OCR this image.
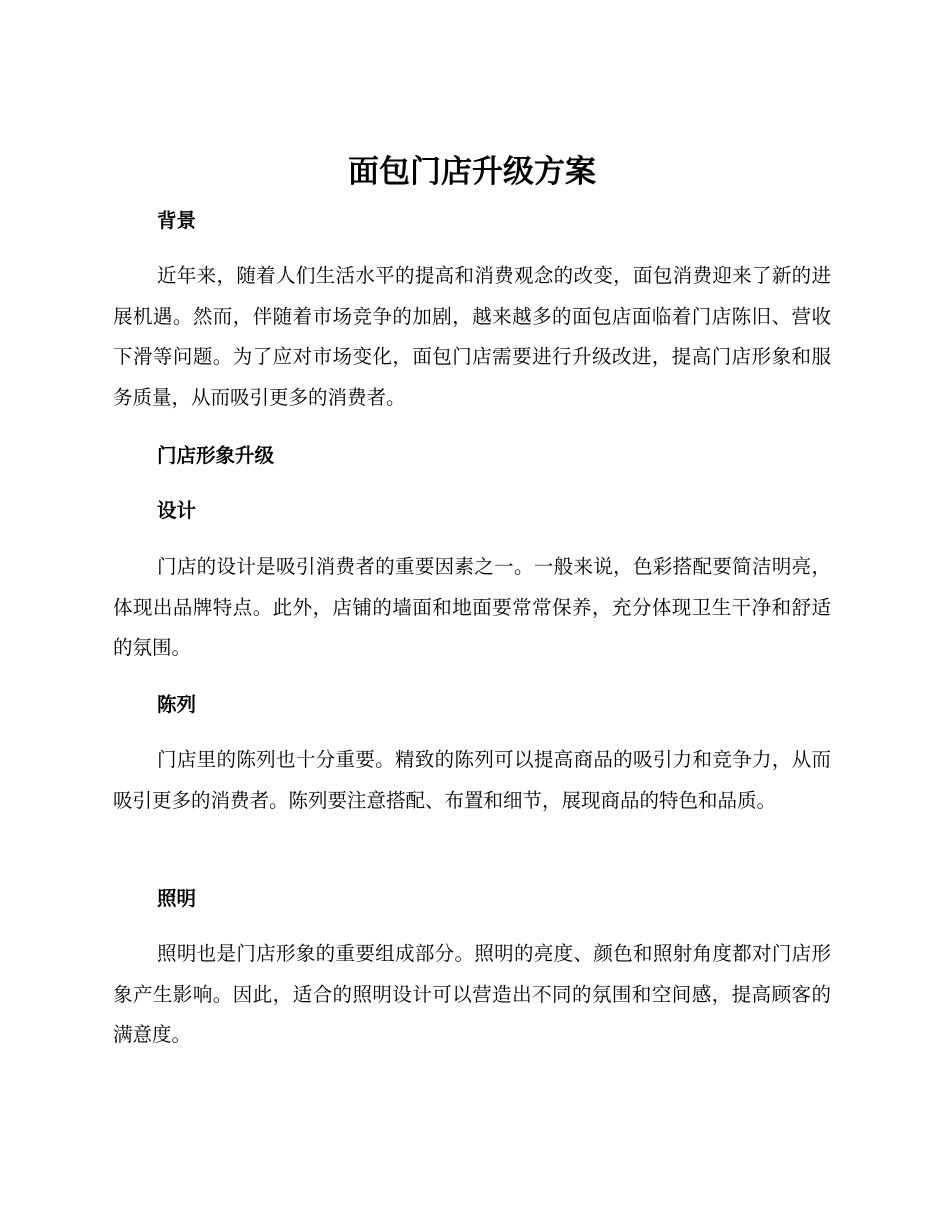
面包门店升级方案
背景

近年来，随着人们生活水平的提高和消费观念的改变，面包消费迎来了新的进展机遇。然而，伴随着市场竞争的加剧，越来越多的面包店面临着门店陈旧、营收下滑等问题。为了应对市场变化，面包门店需要进行升级改进，提高门店形象和服务质量，从而吸引更多的消费者。

门店形象升级
设计

门店的设计是吸引消费者的重要因素之一。一般来说，色彩搭配要简洁明亮，体现出品牌特点。此外，店铺的墙面和地面要常常保养，充分体现卫生干净和舒适的氛围。

陈列

门店里的陈列也十分重要。精致的陈列可以提高商品的吸引力和竞争力，从而吸引更多的消费者。陈列要注意搭配、布置和细节，展现商品的特色和品质。

照明

照明也是门店形象的重要组成部分。照明的亮度、颜色和照射角度都对门店形象产生影响。因此，适合的照明设计可以营造出不同的氛围和空间感，提高顾客的满意度。
